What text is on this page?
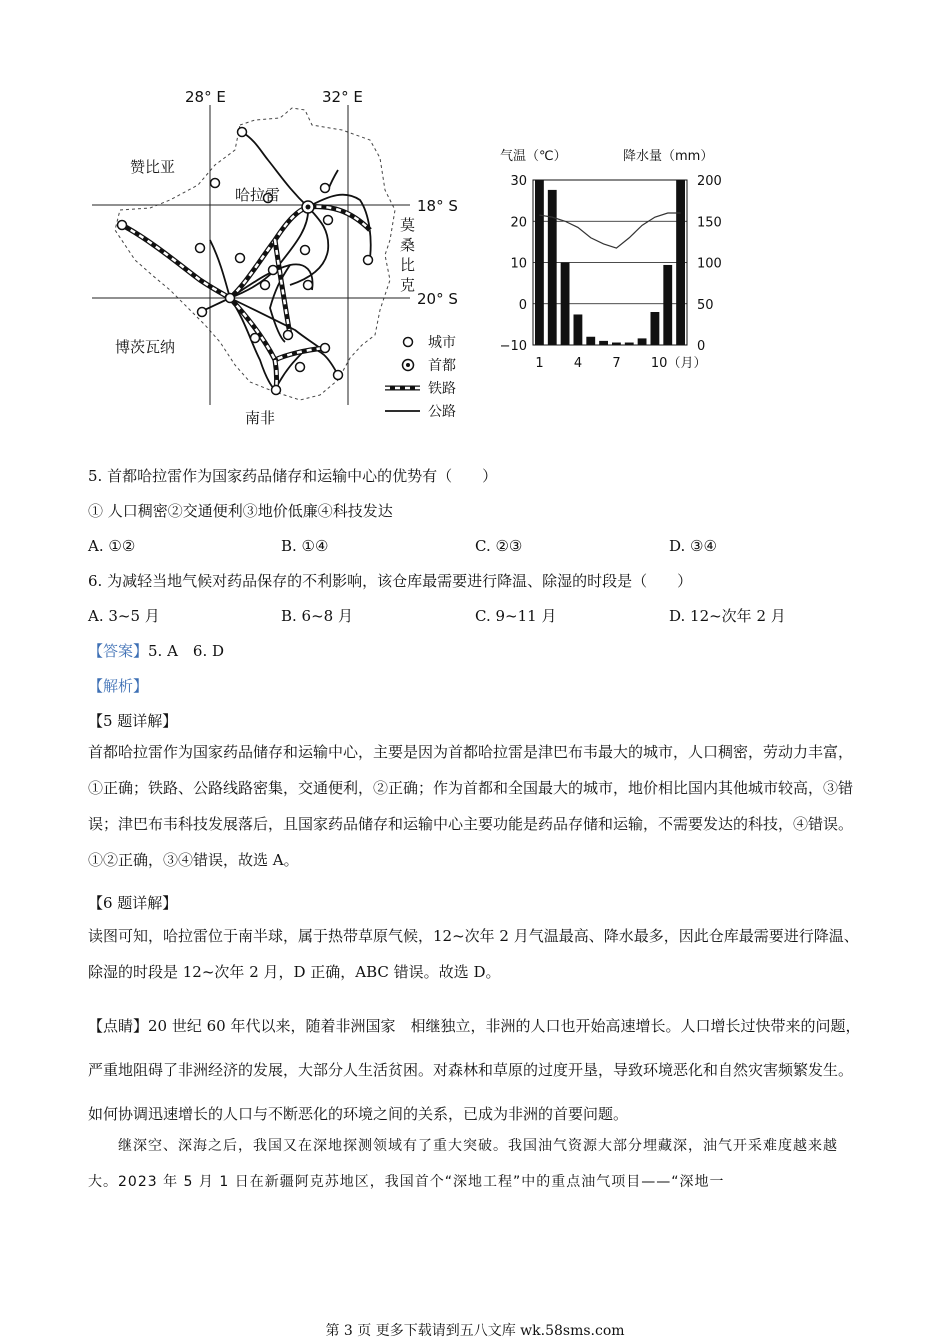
28° E	32° E
18° S
20° S
赞比亚
博茨瓦纳
南非
哈拉雷
莫
桑
比
克
城市
首都
铁路
公路
气温（℃）	降水量（mm）
30
20
10
0
−10
200
150
100
50
0
1 4 7 10（月）
5. 首都哈拉雷作为国家药品储存和运输中心的优势有（　　）
① 人口稠密②交通便利③地价低廉④科技发达
A. ①②	B. ①④	C. ②③	D. ③④
6. 为减轻当地气候对药品保存的不利影响，该仓库最需要进行降温、除湿的时段是（　　）
A. 3~5 月	B. 6~8 月	C. 9~11 月	D. 12~次年 2 月
【答案】5. A　6. D
【解析】
【5 题详解】
首都哈拉雷作为国家药品储存和运输中心，主要是因为首都哈拉雷是津巴布韦最大的城市，人口稠密，劳动力丰富，①正确；铁路、公路线路密集，交通便利，②正确；作为首都和全国最大的城市，地价相比国内其他城市较高，③错误；津巴布韦科技发展落后，且国家药品储存和运输中心主要功能是药品存储和运输，不需要发达的科技，④错误。①②正确，③④错误，故选 A。
【6 题详解】
读图可知，哈拉雷位于南半球，属于热带草原气候，12~次年 2 月气温最高、降水最多，因此仓库最需要进行降温、除湿的时段是 12~次年 2 月，D 正确，ABC 错误。故选 D。
【点睛】20 世纪 60 年代以来，随着非洲国家　相继独立，非洲的人口也开始高速增长。人口增长过快带来的问题，严重地阻碍了非洲经济的发展，大部分人生活贫困。对森林和草原的过度开垦，导致环境恶化和自然灾害频繁发生。如何协调迅速增长的人口与不断恶化的环境之间的关系，已成为非洲的首要问题。
继深空、深海之后，我国又在深地探测领域有了重大突破。我国油气资源大部分埋藏深，油气开采难度越来越大。2023 年 5 月 1 日在新疆阿克苏地区，我国首个“深地工程”中的重点油气项目——“深地一
第 3 页 更多下载请到五八文库 wk.58sms.com
